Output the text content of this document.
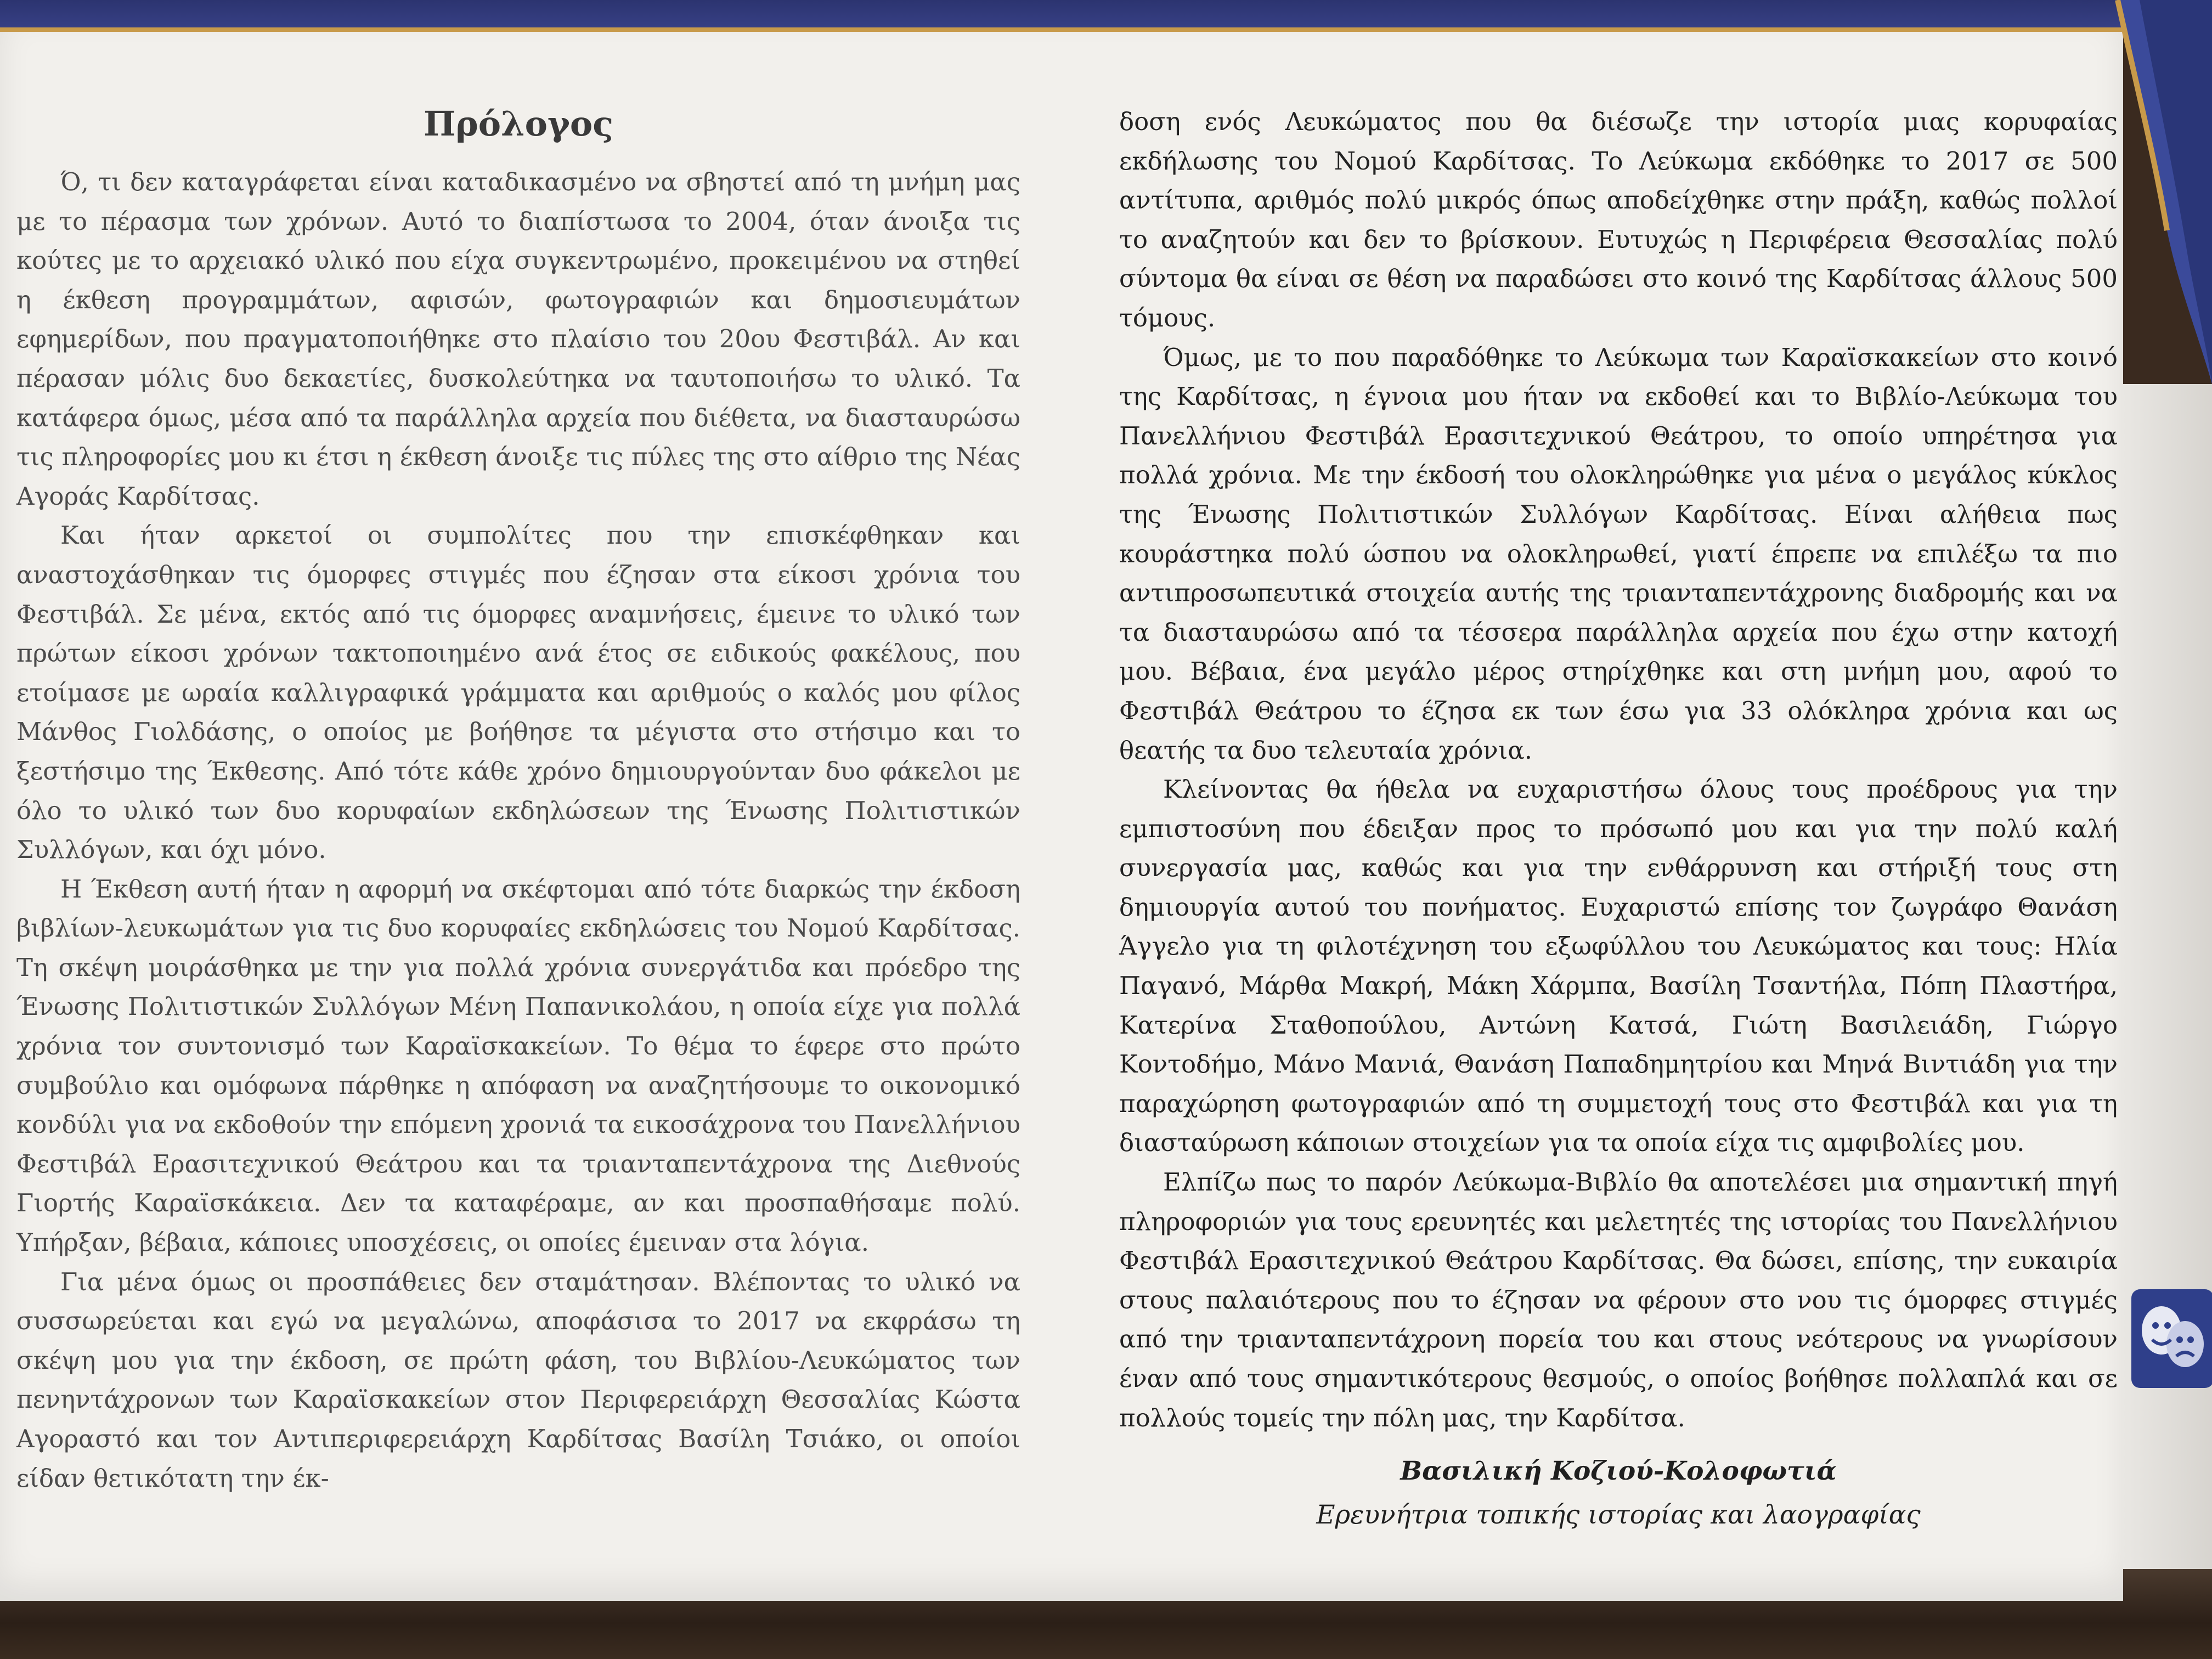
Πρόλογος

Ό, τι δεν καταγράφεται είναι καταδικασμένο να σβηστεί από τη μνήμη μας με το πέρασμα των χρόνων. Αυτό το διαπίστωσα το 2004, όταν άνοιξα τις κούτες με το αρχειακό υλικό που είχα συγκεντρωμένο, προκειμένου να στηθεί η έκθεση προγραμμάτων, αφισών, φωτογραφιών και δημοσιευμάτων εφημερίδων, που πραγματοποιήθηκε στο πλαίσιο του 20ου Φεστιβάλ. Αν και πέρασαν μόλις δυο δεκαετίες, δυσκολεύτηκα να ταυτοποιήσω το υλικό. Τα κατάφερα όμως, μέσα από τα παράλληλα αρχεία που διέθετα, να διασταυρώσω τις πληροφορίες μου κι έτσι η έκθεση άνοιξε τις πύλες της στο αίθριο της Νέας Αγοράς Καρδίτσας.

Και ήταν αρκετοί οι συμπολίτες που την επισκέφθηκαν και αναστοχάσθηκαν τις όμορφες στιγμές που έζησαν στα είκοσι χρόνια του Φεστιβάλ. Σε μένα, εκτός από τις όμορφες αναμνήσεις, έμεινε το υλικό των πρώτων είκοσι χρόνων τακτοποιημένο ανά έτος σε ειδικούς φακέλους, που ετοίμασε με ωραία καλλιγραφικά γράμματα και αριθμούς ο καλός μου φίλος Μάνθος Γιολδάσης, ο οποίος με βοήθησε τα μέγιστα στο στήσιμο και το ξεστήσιμο της Έκθεσης. Από τότε κάθε χρόνο δημιουργούνταν δυο φάκελοι με όλο το υλικό των δυο κορυφαίων εκδηλώσεων της Ένωσης Πολιτιστικών Συλλόγων, και όχι μόνο.

Η Έκθεση αυτή ήταν η αφορμή να σκέφτομαι από τότε διαρκώς την έκδοση βιβλίων-λευκωμάτων για τις δυο κορυφαίες εκδηλώσεις του Νομού Καρδίτσας. Τη σκέψη μοιράσθηκα με την για πολλά χρόνια συνεργάτιδα και πρόεδρο της Ένωσης Πολιτιστικών Συλλόγων Μένη Παπανικολάου, η οποία είχε για πολλά χρόνια τον συντονισμό των Καραϊσκακείων. Το θέμα το έφερε στο πρώτο συμβούλιο και ομόφωνα πάρθηκε η απόφαση να αναζητήσουμε το οικονομικό κονδύλι για να εκδοθούν την επόμενη χρονιά τα εικοσάχρονα του Πανελλήνιου Φεστιβάλ Ερασιτεχνικού Θεάτρου και τα τριανταπεντάχρονα της Διεθνούς Γιορτής Καραϊσκάκεια. Δεν τα καταφέραμε, αν και προσπαθήσαμε πολύ. Υπήρξαν, βέβαια, κάποιες υποσχέσεις, οι οποίες έμειναν στα λόγια.

Για μένα όμως οι προσπάθειες δεν σταμάτησαν. Βλέποντας το υλικό να συσσωρεύεται και εγώ να μεγαλώνω, αποφάσισα το 2017 να εκφράσω τη σκέψη μου για την έκδοση, σε πρώτη φάση, του Βιβλίου-Λευκώματος των πενηντάχρονων των Καραϊσκακείων στον Περιφερειάρχη Θεσσαλίας Κώστα Αγοραστό και τον Αντιπεριφερειάρχη Καρδίτσας Βασίλη Τσιάκο, οι οποίοι είδαν θετικότατη την έκ-

δοση ενός Λευκώματος που θα διέσωζε την ιστορία μιας κορυφαίας εκδήλωσης του Νομού Καρδίτσας. Το Λεύκωμα εκδόθηκε το 2017 σε 500 αντίτυπα, αριθμός πολύ μικρός όπως αποδείχθηκε στην πράξη, καθώς πολλοί το αναζητούν και δεν το βρίσκουν. Ευτυχώς η Περιφέρεια Θεσσαλίας πολύ σύντομα θα είναι σε θέση να παραδώσει στο κοινό της Καρδίτσας άλλους 500 τόμους.

Όμως, με το που παραδόθηκε το Λεύκωμα των Καραϊσκακείων στο κοινό της Καρδίτσας, η έγνοια μου ήταν να εκδοθεί και το Βιβλίο-Λεύκωμα του Πανελλήνιου Φεστιβάλ Ερασιτεχνικού Θεάτρου, το οποίο υπηρέτησα για πολλά χρόνια. Με την έκδοσή του ολοκληρώθηκε για μένα ο μεγάλος κύκλος της Ένωσης Πολιτιστικών Συλλόγων Καρδίτσας. Είναι αλήθεια πως κουράστηκα πολύ ώσπου να ολοκληρωθεί, γιατί έπρεπε να επιλέξω τα πιο αντιπροσωπευτικά στοιχεία αυτής της τριανταπεντάχρονης διαδρομής και να τα διασταυρώσω από τα τέσσερα παράλληλα αρχεία που έχω στην κατοχή μου. Βέβαια, ένα μεγάλο μέρος στηρίχθηκε και στη μνήμη μου, αφού το Φεστιβάλ Θεάτρου το έζησα εκ των έσω για 33 ολόκληρα χρόνια και ως θεατής τα δυο τελευταία χρόνια.

Κλείνοντας θα ήθελα να ευχαριστήσω όλους τους προέδρους για την εμπιστοσύνη που έδειξαν προς το πρόσωπό μου και για την πολύ καλή συνεργασία μας, καθώς και για την ενθάρρυνση και στήριξή τους στη δημιουργία αυτού του πονήματος. Ευχαριστώ επίσης τον ζωγράφο Θανάση Άγγελο για τη φιλοτέχνηση του εξωφύλλου του Λευκώματος και τους: Ηλία Παγανό, Μάρθα Μακρή, Μάκη Χάρμπα, Βασίλη Τσαντήλα, Πόπη Πλαστήρα, Κατερίνα Σταθοπούλου, Αντώνη Κατσά, Γιώτη Βασιλειάδη, Γιώργο Κοντοδήμο, Μάνο Μανιά, Θανάση Παπαδημητρίου και Μηνά Βιντιάδη για την παραχώρηση φωτογραφιών από τη συμμετοχή τους στο Φεστιβάλ και για τη διασταύρωση κάποιων στοιχείων για τα οποία είχα τις αμφιβολίες μου.

Ελπίζω πως το παρόν Λεύκωμα-Βιβλίο θα αποτελέσει μια σημαντική πηγή πληροφοριών για τους ερευνητές και μελετητές της ιστορίας του Πανελλήνιου Φεστιβάλ Ερασιτεχνικού Θεάτρου Καρδίτσας. Θα δώσει, επίσης, την ευκαιρία στους παλαιότερους που το έζησαν να φέρουν στο νου τις όμορφες στιγμές από την τριανταπεντάχρονη πορεία του και στους νεότερους να γνωρίσουν έναν από τους σημαντικότερους θεσμούς, ο οποίος βοήθησε πολλαπλά και σε πολλούς τομείς την πόλη μας, την Καρδίτσα.

Βασιλική Κοζιού-Κολοφωτιά
Ερευνήτρια τοπικής ιστορίας και λαογραφίας
